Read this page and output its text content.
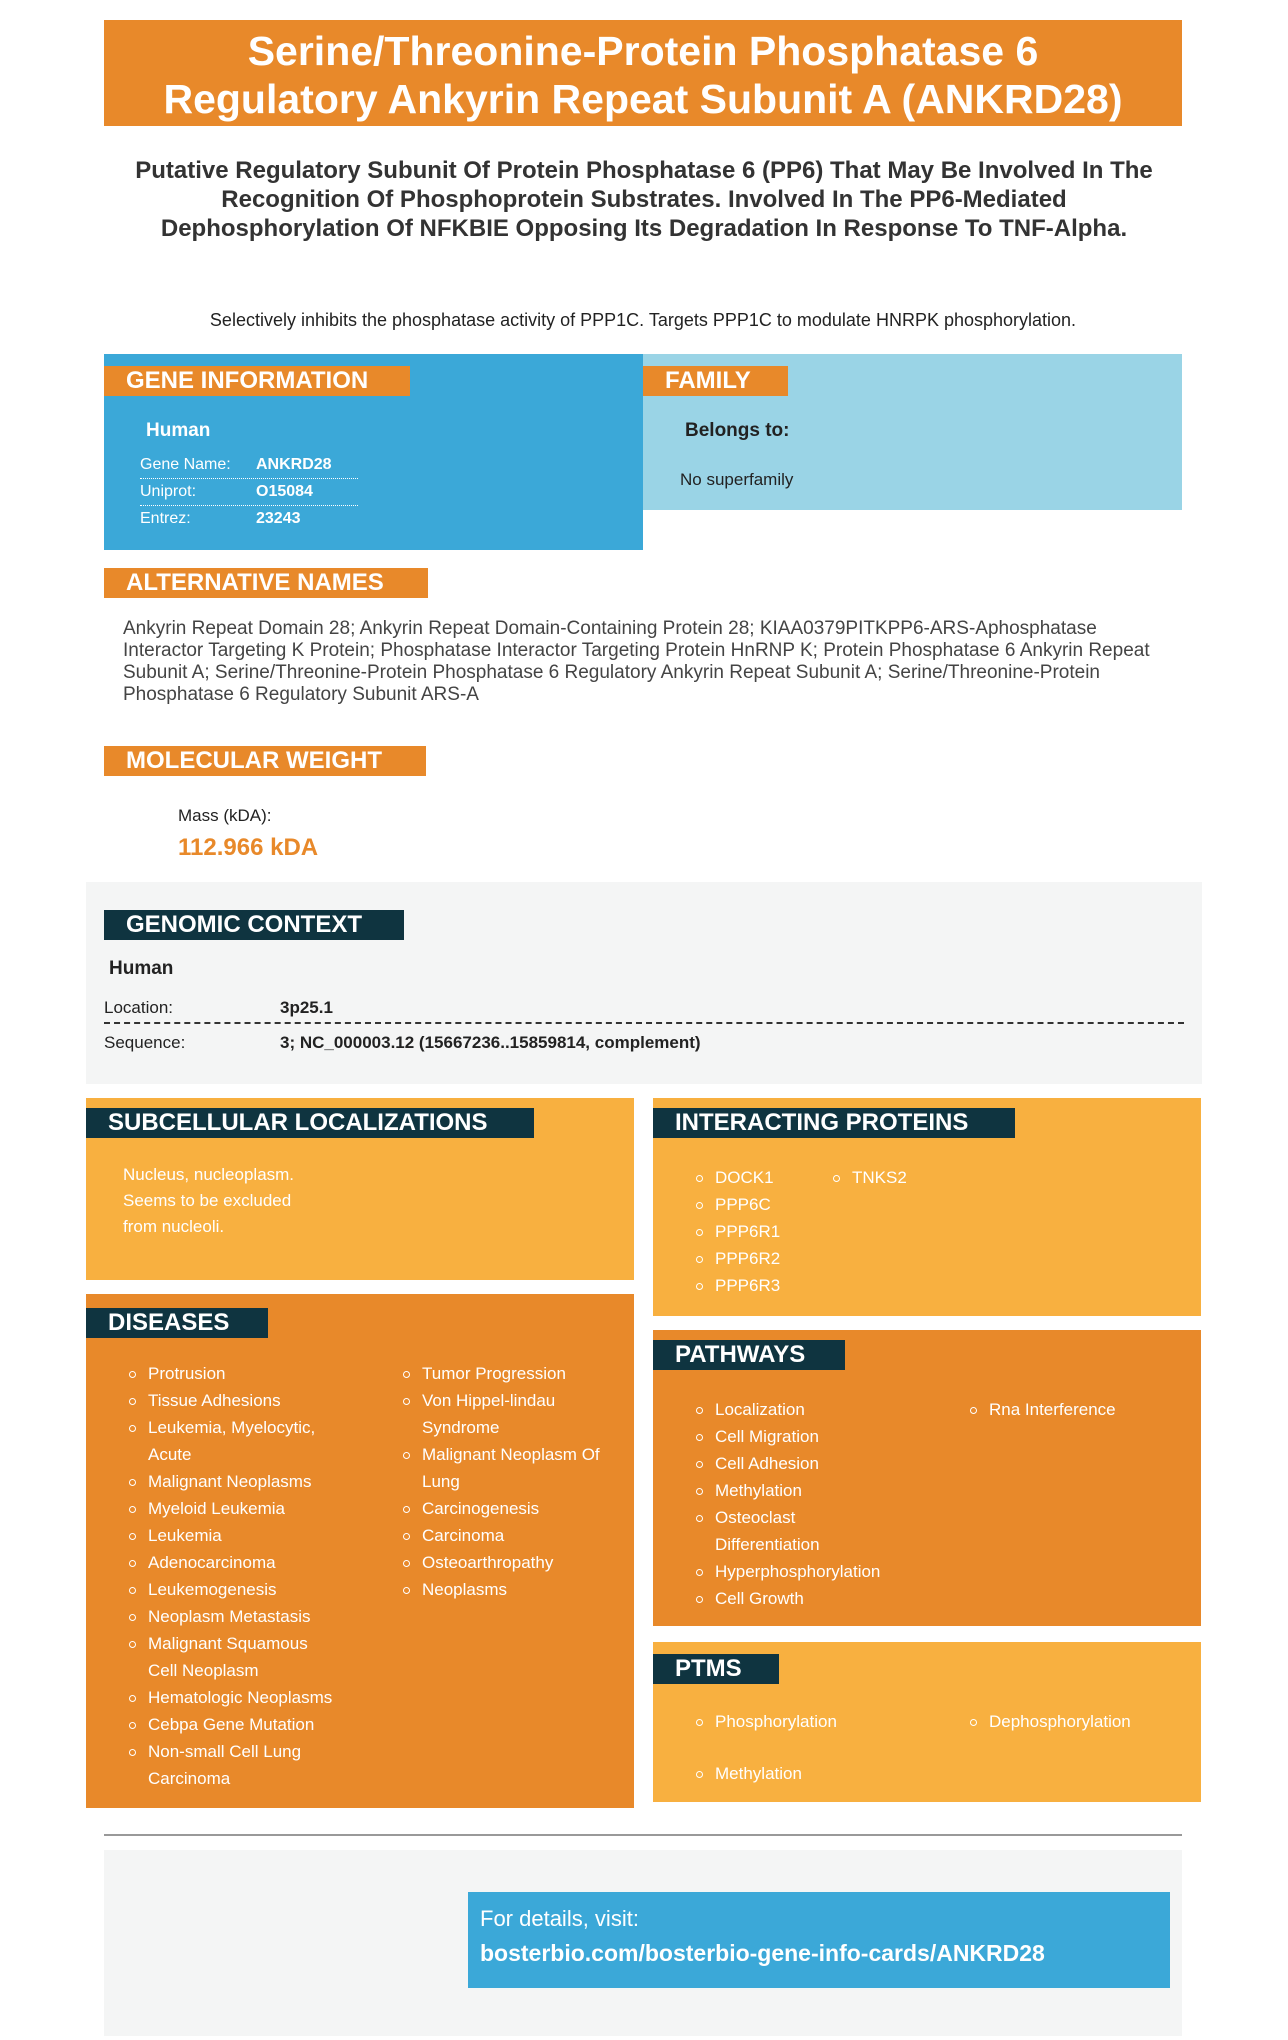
Serine/Threonine-Protein Phosphatase 6
Regulatory Ankyrin Repeat Subunit A (ANKRD28)
Putative Regulatory Subunit Of Protein Phosphatase 6 (PP6) That May Be Involved In The Recognition Of Phosphoprotein Substrates. Involved In The PP6-Mediated Dephosphorylation Of NFKBIE Opposing Its Degradation In Response To TNF-Alpha.
Selectively inhibits the phosphatase activity of PPP1C. Targets PPP1C to modulate HNRPK phosphorylation.
GENE INFORMATION
Human
Gene Name: ANKRD28
Uniprot:	O15084
Entrez:	23243
FAMILY
Belongs to:
No superfamily
ALTERNATIVE NAMES
Ankyrin Repeat Domain 28; Ankyrin Repeat Domain-Containing Protein 28; KIAA0379PITKPP6-ARS-Aphosphatase Interactor Targeting K Protein; Phosphatase Interactor Targeting Protein HnRNP K; Protein Phosphatase 6 Ankyrin Repeat Subunit A; Serine/Threonine-Protein Phosphatase 6 Regulatory Ankyrin Repeat Subunit A; Serine/Threonine-Protein Phosphatase 6 Regulatory Subunit ARS-A
MOLECULAR WEIGHT
Mass (kDA):
112.966 kDA
GENOMIC CONTEXT
Human
Location:	3p25.1
Sequence:	3; NC_000003.12 (15667236..15859814, complement)
SUBCELLULAR LOCALIZATIONS
Nucleus, nucleoplasm.
Seems to be excluded
from nucleoli.
INTERACTING PROTEINS
DOCK1
PPP6C
PPP6R1
PPP6R2
PPP6R3
TNKS2
DISEASES
Protrusion
Tissue Adhesions
Leukemia, Myelocytic,
Acute
Malignant Neoplasms
Myeloid Leukemia
Leukemia
Adenocarcinoma
Leukemogenesis
Neoplasm Metastasis
Malignant Squamous
Cell Neoplasm
Hematologic Neoplasms
Cebpa Gene Mutation
Non-small Cell Lung
Carcinoma
Tumor Progression
Von Hippel-lindau
Syndrome
Malignant Neoplasm Of
Lung
Carcinogenesis
Carcinoma
Osteoarthropathy
Neoplasms
PATHWAYS
Localization
Cell Migration
Cell Adhesion
Methylation
Osteoclast
Differentiation
Hyperphosphorylation
Cell Growth
Rna Interference
PTMS
Phosphorylation
Methylation
Dephosphorylation
For details, visit:
bosterbio.com/bosterbio-gene-info-cards/ANKRD28
